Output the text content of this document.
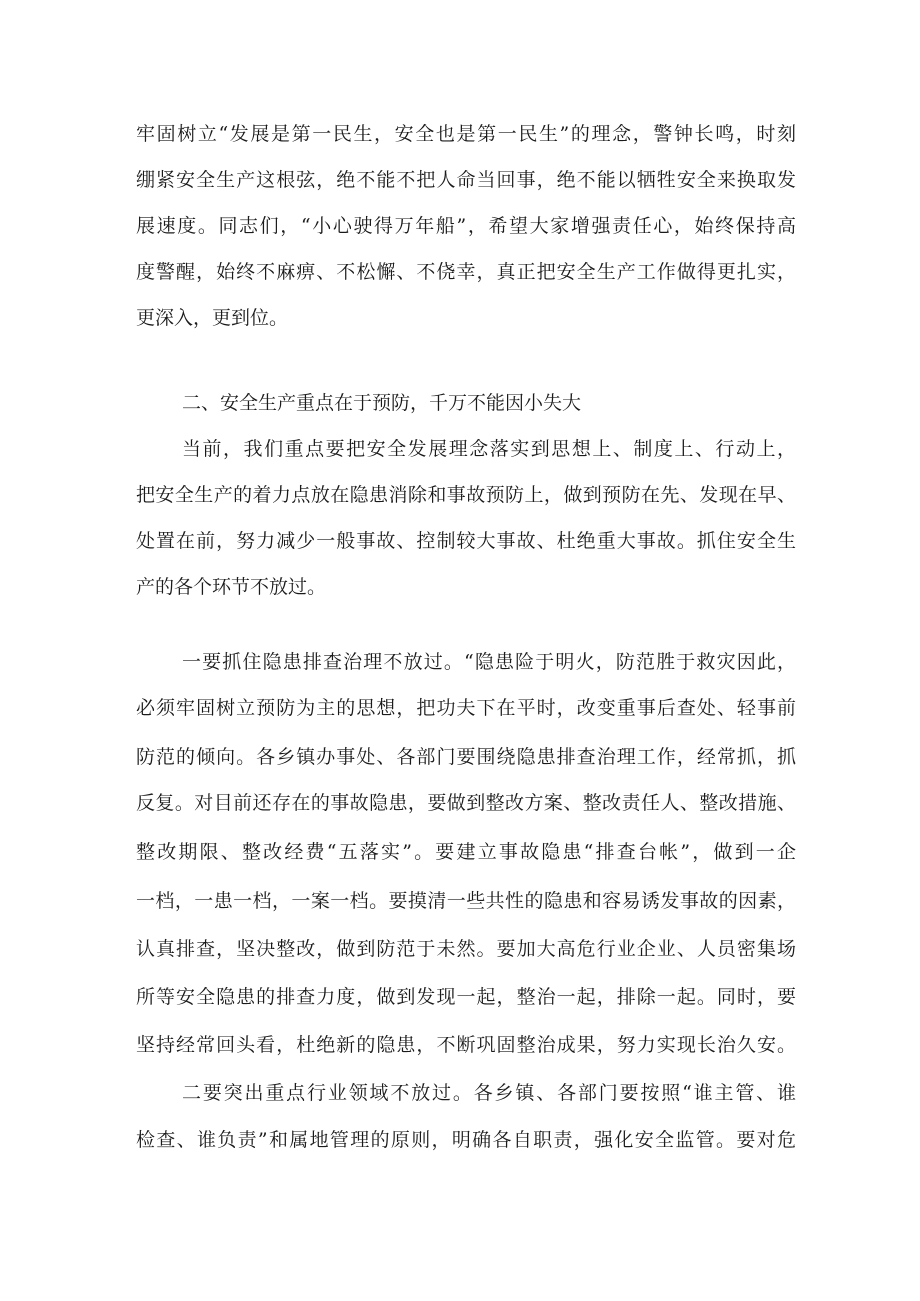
牢固树立“发展是第一民生，安全也是第一民生”的理念，警钟长鸣，时刻
绷紧安全生产这根弦，绝不能不把人命当回事，绝不能以牺牲安全来换取发
展速度。同志们，“小心驶得万年船”，希望大家增强责任心，始终保持高
度警醒，始终不麻痹、不松懈、不侥幸，真正把安全生产工作做得更扎实，
更深入，更到位。
二、安全生产重点在于预防，千万不能因小失大
当前，我们重点要把安全发展理念落实到思想上、制度上、行动上，
把安全生产的着力点放在隐患消除和事故预防上，做到预防在先、发现在早、
处置在前，努力减少一般事故、控制较大事故、杜绝重大事故。抓住安全生
产的各个环节不放过。
一要抓住隐患排查治理不放过。“隐患险于明火，防范胜于救灾因此，
必须牢固树立预防为主的思想，把功夫下在平时，改变重事后查处、轻事前
防范的倾向。各乡镇办事处、各部门要围绕隐患排查治理工作，经常抓，抓
反复。对目前还存在的事故隐患，要做到整改方案、整改责任人、整改措施、
整改期限、整改经费“五落实”。要建立事故隐患“排查台帐”，做到一企
一档，一患一档，一案一档。要摸清一些共性的隐患和容易诱发事故的因素，
认真排查，坚决整改，做到防范于未然。要加大高危行业企业、人员密集场
所等安全隐患的排查力度，做到发现一起，整治一起，排除一起。同时，要
坚持经常回头看，杜绝新的隐患，不断巩固整治成果，努力实现长治久安。
二要突出重点行业领域不放过。各乡镇、各部门要按照“谁主管、谁
检查、谁负责”和属地管理的原则，明确各自职责，强化安全监管。要对危
